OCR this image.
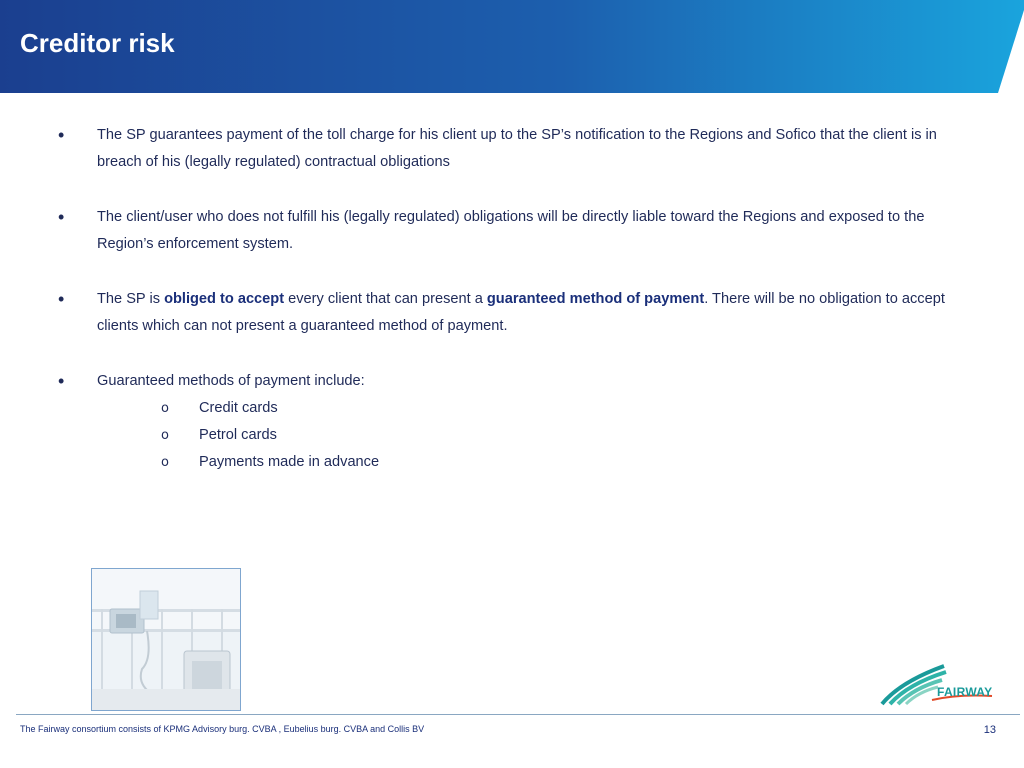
Creditor risk
• The SP guarantees payment of the toll charge for his client up to the SP’s notification to the Regions and Sofico that the client is in breach of his (legally regulated) contractual obligations
• The client/user who does not fulfill his (legally regulated) obligations will be directly liable toward the Regions and exposed to the Region’s enforcement system.
• The SP is obliged to accept every client that can present a guaranteed method of payment. There will be no obligation to accept clients which can not present a guaranteed method of payment.
• Guaranteed methods of payment include:
o Credit cards
o Petrol cards
o Payments made in advance
FAIRWAY
The Fairway consortium consists of KPMG Advisory burg. CVBA , Eubelius burg. CVBA and Collis BV	13
